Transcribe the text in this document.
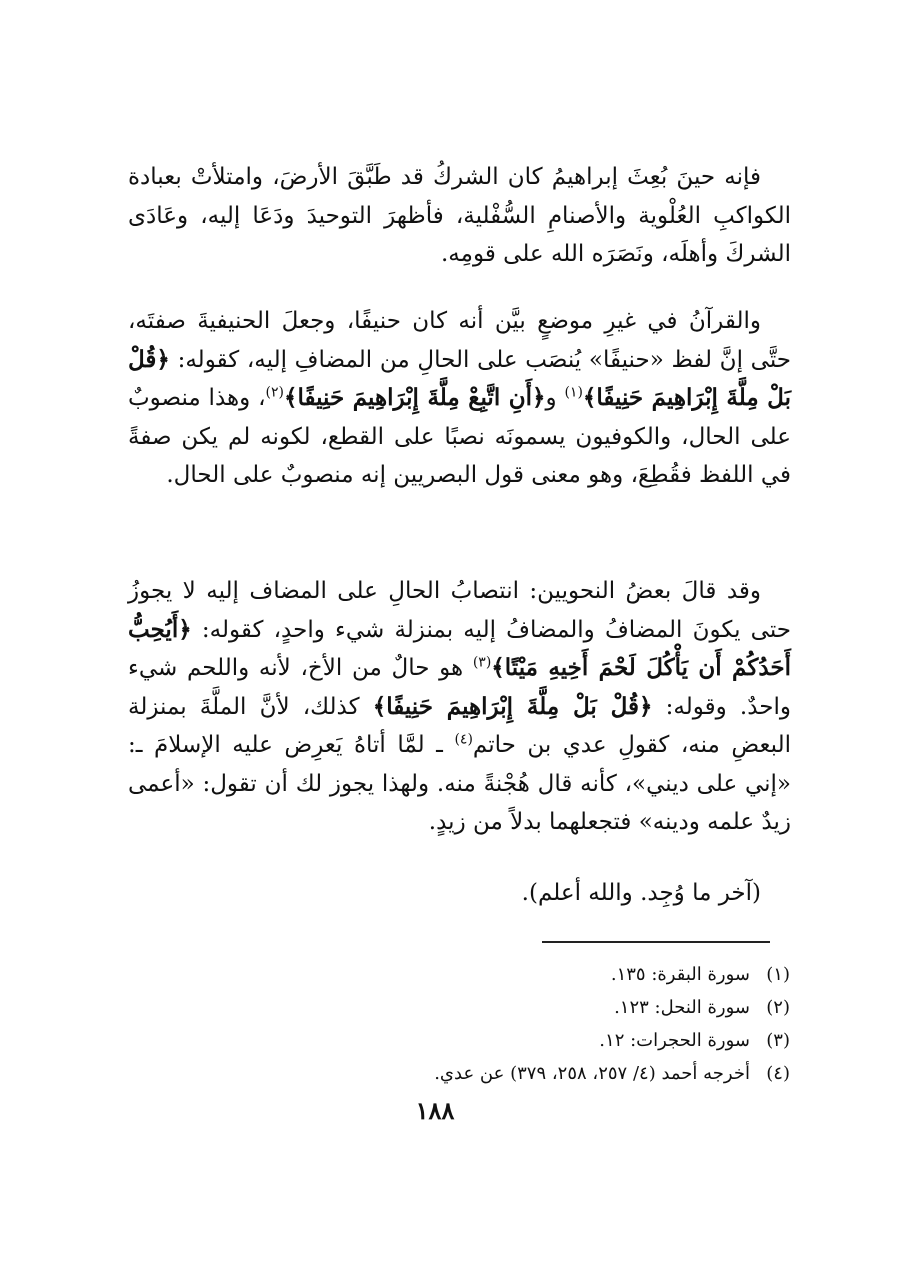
فإنه حينَ بُعِثَ إبراهيمُ كان الشركُ قد طَبَّقَ الأرضَ، وامتلأتْ بعبادة الكواكبِ العُلْوية والأصنامِ السُّفْلية، فأظهرَ التوحيدَ ودَعَا إليه، وعَادَى الشركَ وأهلَه، ونَصَرَه الله على قومِه.

والقرآنُ في غيرِ موضعٍ بيَّن أنه كان حنيفًا، وجعلَ الحنيفيةَ صفتَه، حتَّى إنَّ لفظ «حنيفًا» يُنصَب على الحالِ من المضافِ إليه، كقوله: ﴿قُلْ بَلْ مِلَّةَ إِبْرَاهِيمَ حَنِيفًا﴾$^{(١)}$ و﴿أَنِ اتَّبِعْ مِلَّةَ إِبْرَاهِيمَ حَنِيفًا﴾$^{(٢)}$، وهذا منصوبٌ على الحال، والكوفيون يسمونَه نصبًا على القطع، لكونه لم يكن صفةً في اللفظ فقُطِعَ، وهو معنى قول البصريين إنه منصوبٌ على الحال.

وقد قالَ بعضُ النحويين: انتصابُ الحالِ على المضاف إليه لا يجوزُ حتى يكونَ المضافُ والمضافُ إليه بمنزلة شيء واحدٍ، كقوله: ﴿أَيُحِبُّ أَحَدُكُمْ أَن يَأْكُلَ لَحْمَ أَخِيهِ مَيْتًا﴾$^{(٣)}$ هو حالٌ من الأخ، لأنه واللحم شيء واحدٌ. وقوله: ﴿قُلْ بَلْ مِلَّةَ إِبْرَاهِيمَ حَنِيفًا﴾ كذلك، لأنَّ الملَّةَ بمنزلة البعضِ منه، كقولِ عدي بن حاتم$^{(٤)}$ ـ لمَّا أتاهُ يَعرِض عليه الإسلامَ ـ: «إني على ديني»، كأنه قال هُجْنةً منه. ولهذا يجوز لك أن تقول: «أعمى زيدٌ علمه ودينه» فتجعلهما بدلاً من زيدٍ.

(آخر ما وُجِد. والله أعلم).

(١)سورة البقرة: ١٣٥.
(٢)سورة النحل: ١٢٣.
(٣)سورة الحجرات: ١٢.
(٤)أخرجه أحمد (٤/ ٢٥٧، ٢٥٨، ٣٧٩) عن عدي.
١٨٨
